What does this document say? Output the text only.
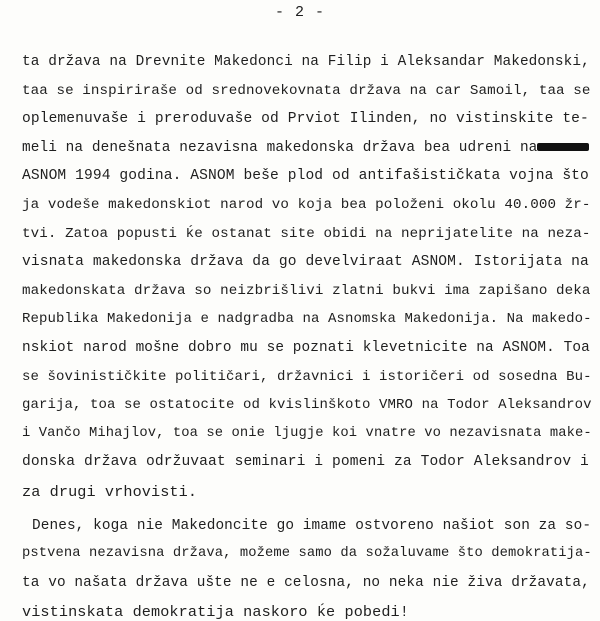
- 2 -
ta država na Drevnite Makedonci na Filip i Aleksandar Makedonski,
taa se inspiriraše od srednovekovnata država na car Samoil, taa se
oplemenuvaše i preroduvaše od Prviot Ilinden, no vistinskite te-
meli na denešnata nezavisna makedonska država bea udreni na
ASNOM 1994 godina. ASNOM beše plod od antifašističkata vojna što
ja vodeše makedonskiot narod vo koja bea položeni okolu 40.000 žr-
tvi. Zatoa popusti ḱe ostanat site obidi na neprijatelite na neza-
visnata makedonska država da go develviraat ASNOM. Istorijata na
makedonskata država so neizbrišlivi zlatni bukvi ima zapišano deka
Republika Makedonija e nadgradba na Asnomska Makedonija. Na makedo-
nskiot narod mošne dobro mu se poznati klevetnicite na ASNOM. Toa
se šovinističkite političari, državnici i istoričeri od sosedna Bu-
garija, toa se ostatocite od kvislinškoto VMRO na Todor Aleksandrov
i Vančo Mihajlov, toa se onie ljugje koi vnatre vo nezavisnata make-
donska država održuvaat seminari i pomeni za Todor Aleksandrov i
za drugi vrhovisti.
Denes, koga nie Makedoncite go imame ostvoreno našiot son za so-
pstvena nezavisna država, možeme samo da sožaluvame što demokratija-
ta vo našata država ušte ne e celosna, no neka nie živa državata,
vistinskata demokratija naskoro ḱe pobedi!
